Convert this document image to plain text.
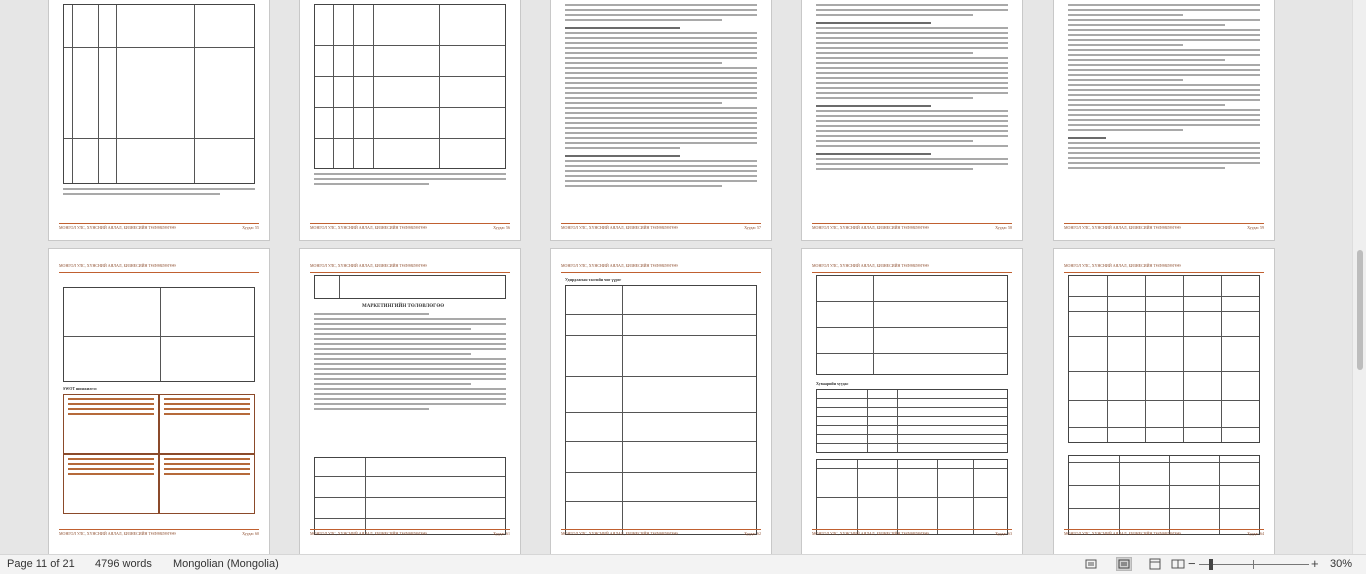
МОНГОЛ УЛС, ХҮНСНИЙ АЯЛАЛ, БИЗНЕСИЙН ТӨЛӨВЛӨГӨӨ	Хуудас 55	МОНГОЛ УЛС, ХҮНСНИЙ АЯЛАЛ, БИЗНЕСИЙН ТӨЛӨВЛӨГӨӨ	Хуудас 56	МОНГОЛ УЛС, ХҮНСНИЙ АЯЛАЛ, БИЗНЕСИЙН ТӨЛӨВЛӨГӨӨ	Хуудас 57	МОНГОЛ УЛС, ХҮНСНИЙ АЯЛАЛ, БИЗНЕСИЙН ТӨЛӨВЛӨГӨӨ	Хуудас 58	МОНГОЛ УЛС, ХҮНСНИЙ АЯЛАЛ, БИЗНЕСИЙН ТӨЛӨВЛӨГӨӨ	Хуудас 59
МОНГОЛ УЛС, ХҮНСНИЙ АЯЛАЛ, БИЗНЕСИЙН ТӨЛӨВЛӨГӨӨ
SWOT шинжилгээ
МОНГОЛ УЛС, ХҮНСНИЙ АЯЛАЛ, БИЗНЕСИЙН ТӨЛӨВЛӨГӨӨ	Хуудас 60
МОНГОЛ УЛС, ХҮНСНИЙ АЯЛАЛ, БИЗНЕСИЙН ТӨЛӨВЛӨГӨӨ
МАРКЕТИНГИЙН ТӨЛӨВЛӨГӨӨ
МОНГОЛ УЛС, ХҮНСНИЙ АЯЛАЛ, БИЗНЕСИЙН ТӨЛӨВЛӨГӨӨ	Хуудас 61
МОНГОЛ УЛС, ХҮНСНИЙ АЯЛАЛ, БИЗНЕСИЙН ТӨЛӨВЛӨГӨӨ
Удирдлагын тасгийн чиг үүрэг
МОНГОЛ УЛС, ХҮНСНИЙ АЯЛАЛ, БИЗНЕСИЙН ТӨЛӨВЛӨГӨӨ	Хуудас 62
МОНГОЛ УЛС, ХҮНСНИЙ АЯЛАЛ, БИЗНЕСИЙН ТӨЛӨВЛӨГӨӨ
Хуваарийн хуудас
МОНГОЛ УЛС, ХҮНСНИЙ АЯЛАЛ, БИЗНЕСИЙН ТӨЛӨВЛӨГӨӨ	Хуудас 63
МОНГОЛ УЛС, ХҮНСНИЙ АЯЛАЛ, БИЗНЕСИЙН ТӨЛӨВЛӨГӨӨ
МОНГОЛ УЛС, ХҮНСНИЙ АЯЛАЛ, БИЗНЕСИЙН ТӨЛӨВЛӨГӨӨ	Хуудас 64
Page 11 of 21 4796 words Mongolian (Mongolia)	−	+ 30%
